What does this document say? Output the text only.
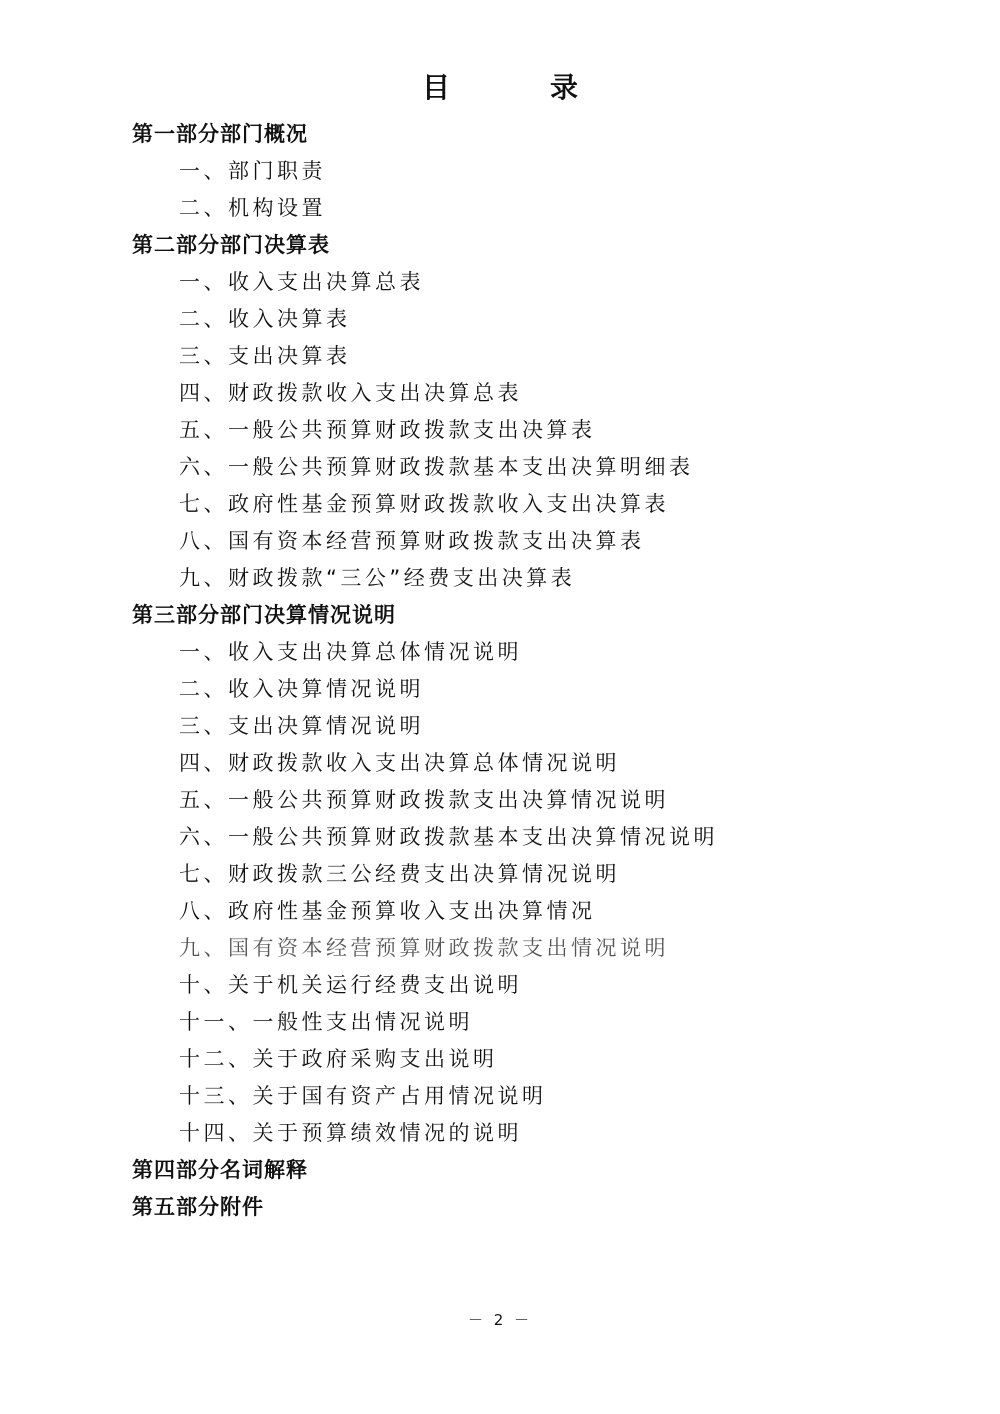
目　录
第一部分部门概况
一、部门职责
二、机构设置
第二部分部门决算表
一、收入支出决算总表
二、收入决算表
三、支出决算表
四、财政拨款收入支出决算总表
五、一般公共预算财政拨款支出决算表
六、一般公共预算财政拨款基本支出决算明细表
七、政府性基金预算财政拨款收入支出决算表
八、国有资本经营预算财政拨款支出决算表
九、财政拨款“三公”经费支出决算表
第三部分部门决算情况说明
一、收入支出决算总体情况说明
二、收入决算情况说明
三、支出决算情况说明
四、财政拨款收入支出决算总体情况说明
五、一般公共预算财政拨款支出决算情况说明
六、一般公共预算财政拨款基本支出决算情况说明
七、财政拨款三公经费支出决算情况说明
八、政府性基金预算收入支出决算情况
九、国有资本经营预算财政拨款支出情况说明
十、关于机关运行经费支出说明
十一、一般性支出情况说明
十二、关于政府采购支出说明
十三、关于国有资产占用情况说明
十四、关于预算绩效情况的说明
第四部分名词解释
第五部分附件
－ 2 －
